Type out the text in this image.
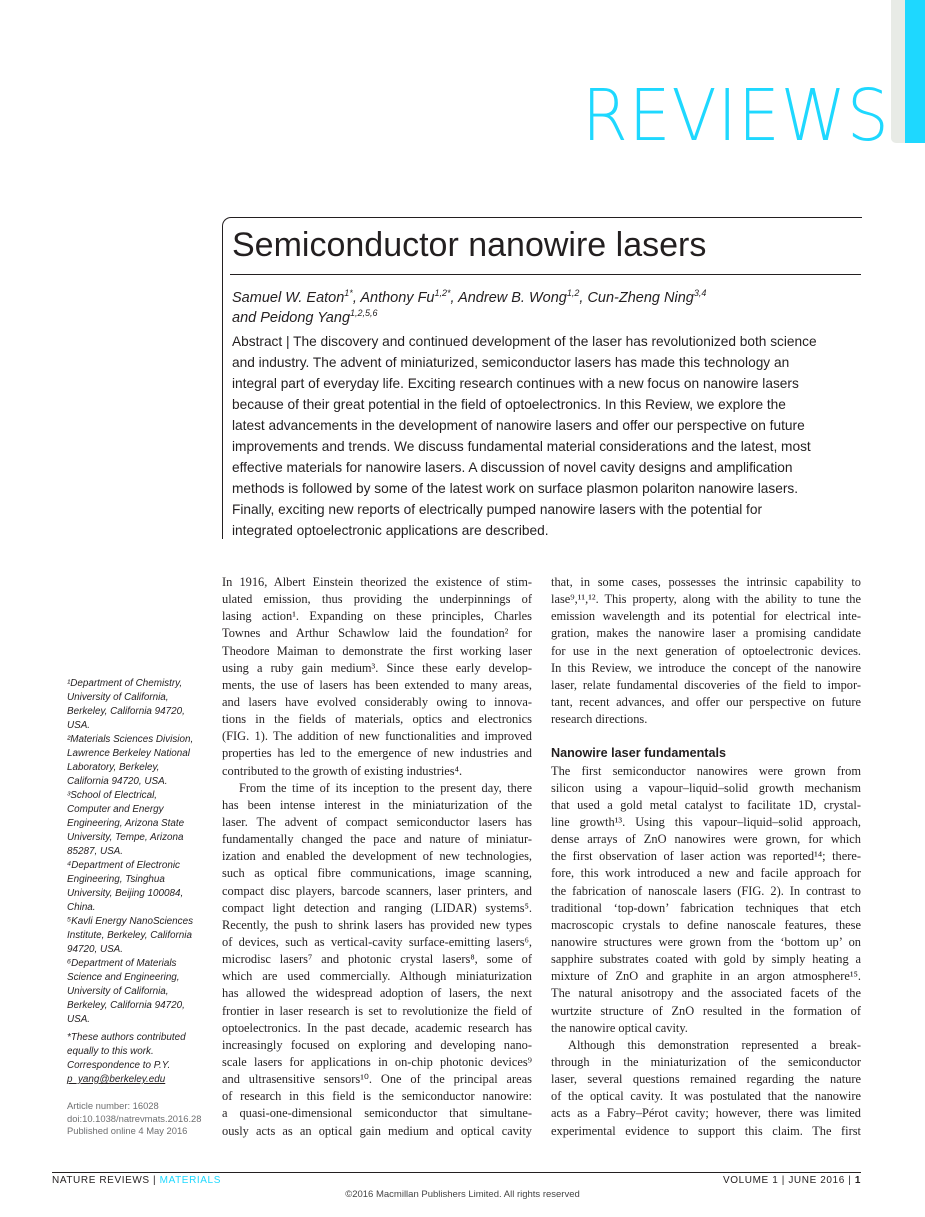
REVIEWS
Semiconductor nanowire lasers
Samuel W. Eaton$^{1*}$, Anthony $Fu^{1,2*}$, Andrew B. Wong$^{1,2}$, Cun-Zheng Ning$^{3,4}$
and Peidong Yang$^{1,2,5,6}$
Abstract | The discovery and continued development of the laser has revolutionized both science
and industry. The advent of miniaturized, semiconductor lasers has made this technology an
integral part of everyday life. Exciting research continues with a new focus on nanowire lasers
because of their great potential in the field of optoelectronics. In this Review, we explore the
latest advancements in the development of nanowire lasers and offer our perspective on future
improvements and trends. We discuss fundamental material considerations and the latest, most
effective materials for nanowire lasers. A discussion of novel cavity designs and amplification
methods is followed by some of the latest work on surface plasmon polariton nanowire lasers.
Finally, exciting new reports of electrically pumped nanowire lasers with the potential for
integrated optoelectronic applications are described.
¹Department of Chemistry,
University of California,
Berkeley, California 94720,
USA.
²Materials Sciences Division,
Lawrence Berkeley National
Laboratory, Berkeley,
California 94720, USA.
³School of Electrical,
Computer and Energy
Engineering, Arizona State
University, Tempe, Arizona
85287, USA.
⁴Department of Electronic
Engineering, Tsinghua
University, Beijing 100084,
China.
⁵Kavli Energy NanoSciences
Institute, Berkeley, California
94720, USA.
⁶Department of Materials
Science and Engineering,
University of California,
Berkeley, California 94720,
USA.
*These authors contributed
equally to this work.
Correspondence to P.Y.
p_yang@berkeley.edu
Article number: 16028
doi:10.1038/natrevmats.2016.28
Published online 4 May 2016
In 1916, Albert Einstein theorized the existence of stim-
ulated emission, thus providing the underpinnings of
lasing action¹. Expanding on these principles, Charles
Townes and Arthur Schawlow laid the foundation² for
Theodore Maiman to demonstrate the first working laser
using a ruby gain medium³. Since these early develop-
ments, the use of lasers has been extended to many areas,
and lasers have evolved considerably owing to innova-
tions in the fields of materials, optics and electronics
(FIG. 1). The addition of new functionalities and improved
properties has led to the emergence of new industries and
contributed to the growth of existing industries⁴.
From the time of its inception to the present day, there
has been intense interest in the miniaturization of the
laser. The advent of compact semiconductor lasers has
fundamentally changed the pace and nature of miniatur-
ization and enabled the development of new technologies,
such as optical fibre communications, image scanning,
compact disc players, barcode scanners, laser printers, and
compact light detection and ranging (LIDAR) systems⁵.
Recently, the push to shrink lasers has provided new types
of devices, such as vertical-cavity surface-emitting lasers⁶,
microdisc lasers⁷ and photonic crystal lasers⁸, some of
which are used commercially. Although miniaturization
has allowed the widespread adoption of lasers, the next
frontier in laser research is set to revolutionize the field of
optoelectronics. In the past decade, academic research has
increasingly focused on exploring and developing nano-
scale lasers for applications in on-chip photonic devices⁹
and ultrasensitive sensors¹⁰. One of the principal areas
of research in this field is the semiconductor nanowire:
a quasi-one-dimensional semiconductor that simultane-
ously acts as an optical gain medium and optical cavity
that, in some cases, possesses the intrinsic capability to
lase⁹,¹¹,¹². This property, along with the ability to tune the
emission wavelength and its potential for electrical inte-
gration, makes the nanowire laser a promising candidate
for use in the next generation of optoelectronic devices.
In this Review, we introduce the concept of the nanowire
laser, relate fundamental discoveries of the field to impor-
tant, recent advances, and offer our perspective on future
research directions.
Nanowire laser fundamentals
The first semiconductor nanowires were grown from
silicon using a vapour–liquid–solid growth mechanism
that used a gold metal catalyst to facilitate 1D, crystal-
line growth¹³. Using this vapour–liquid–solid approach,
dense arrays of ZnO nanowires were grown, for which
the first observation of laser action was reported¹⁴; there-
fore, this work introduced a new and facile approach for
the fabrication of nanoscale lasers (FIG. 2). In contrast to
traditional ‘top-down’ fabrication techniques that etch
macroscopic crystals to define nanoscale features, these
nanowire structures were grown from the ‘bottom up’ on
sapphire substrates coated with gold by simply heating a
mixture of ZnO and graphite in an argon atmosphere¹⁵.
The natural anisotropy and the associated facets of the
wurtzite structure of ZnO resulted in the formation of
the nanowire optical cavity.
Although this demonstration represented a break-
through in the miniaturization of the semiconductor
laser, several questions remained regarding the nature
of the optical cavity. It was postulated that the nanowire
acts as a Fabry–Pérot cavity; however, there was limited
experimental evidence to support this claim. The first
NATURE REVIEWS | MATERIALS	VOLUME 1 | JUNE 2016 | 1
©2016 Macmillan Publishers Limited. All rights reserved
